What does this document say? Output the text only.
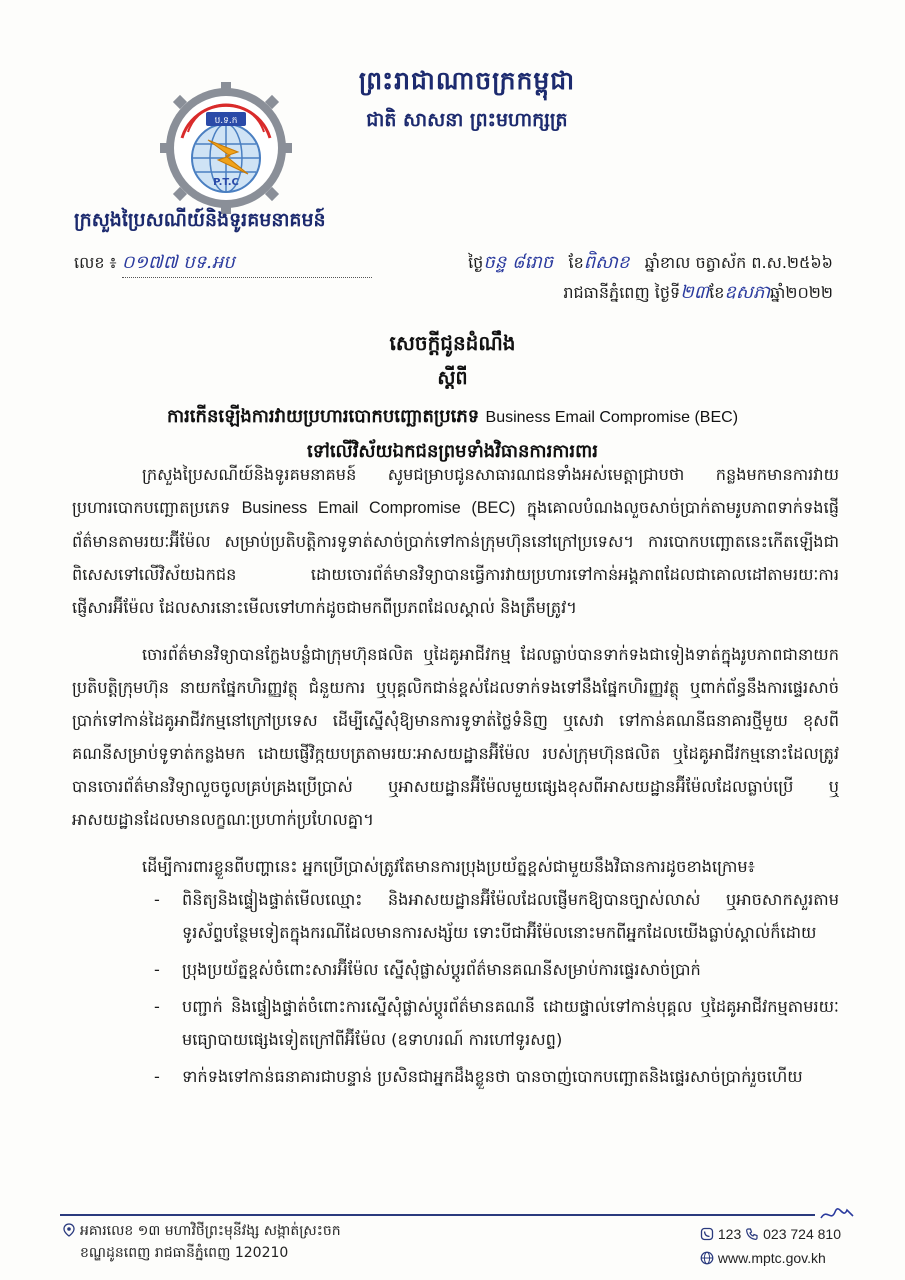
ប.ទ.ក
P.T.C
ព្រះរាជាណាចក្រកម្ពុជា
ជាតិ សាសនា ព្រះមហាក្សត្រ
ក្រសួងប្រៃសណីយ៍និងទូរគមនាគមន៍
លេខ ៖ ០១៧៧ បទ.អប	ថ្ងៃចន្ទ ៨រោច ខែពិសាខ ឆ្នាំខាល ចត្វាស័ក ព.ស.២៥៦៦
រាជធានីភ្នំពេញ ថ្ងៃទី២៣ខែឧសភាឆ្នាំ២០២២
សេចក្តីជូនដំណឹង
ស្តីពី
ការកើនឡើងការវាយប្រហារបោកបញ្ឆោតប្រភេទ Business Email Compromise (BEC)
ទៅលើវិស័យឯកជនព្រមទាំងវិធានការការពារ

ក្រសួងប្រៃសណីយ៍និងទូរគមនាគមន៍ សូមជម្រាបជូនសាធារណជនទាំងអស់មេត្តាជ្រាបថា កន្លងមកមានការវាយប្រហារបោកបញ្ឆោតប្រភេទ Business Email Compromise (BEC) ក្នុងគោលបំណងលួចសាច់ប្រាក់តាមរូបភាពទាក់ទងផ្ញើព័ត៌មានតាមរយៈអ៊ីម៉ែល សម្រាប់ប្រតិបត្តិការទូទាត់សាច់ប្រាក់ទៅកាន់ក្រុមហ៊ុននៅក្រៅប្រទេស។ ការបោកបញ្ឆោតនេះកើតឡើងជាពិសេសទៅលើវិស័យឯកជន ដោយចោរព័ត៌មានវិទ្យាបានធ្វើការវាយប្រហារទៅកាន់អង្គភាពដែលជាគោលដៅតាមរយៈការផ្ញើសារអ៊ីម៉ែល ដែលសារនោះមើលទៅហាក់ដូចជាមកពីប្រភពដែលស្គាល់ និងត្រឹមត្រូវ។

ចោរព័ត៌មានវិទ្យាបានក្លែងបន្លំជាក្រុមហ៊ុនផលិត ឬដៃគូអាជីវកម្ម ដែលធ្លាប់បានទាក់ទងជាទៀងទាត់ក្នុងរូបភាពជានាយកប្រតិបត្តិក្រុមហ៊ុន នាយកផ្នែកហិរញ្ញវត្ថុ ជំនួយការ ឬបុគ្គលិកជាន់ខ្ពស់ដែលទាក់ទងទៅនឹងផ្នែកហិរញ្ញវត្ថុ ឬពាក់ព័ន្ធនឹងការផ្ទេរសាច់ប្រាក់ទៅកាន់ដៃគូអាជីវកម្មនៅក្រៅប្រទេស ដើម្បីស្នើសុំឱ្យមានការទូទាត់ថ្លៃទំនិញ ឬសេវា ទៅកាន់គណនីធនាគារថ្មីមួយ ខុសពីគណនីសម្រាប់ទូទាត់កន្លងមក ដោយផ្ញើវិក្កយបត្រតាមរយៈអាសយដ្ឋានអ៊ីម៉ែល របស់ក្រុមហ៊ុនផលិត ឬដៃគូអាជីវកម្មនោះដែលត្រូវបានចោរព័ត៌មានវិទ្យាលួចចូលគ្រប់គ្រងប្រើប្រាស់ ឬអាសយដ្ឋានអ៊ីម៉ែលមួយផ្សេងខុសពីអាសយដ្ឋានអ៊ីម៉ែលដែលធ្លាប់ប្រើ ឬអាសយដ្ឋានដែលមានលក្ខណៈប្រហាក់ប្រហែលគ្នា។

ដើម្បីការពារខ្លួនពីបញ្ហានេះ អ្នកប្រើប្រាស់ត្រូវតែមានការប្រុងប្រយ័ត្នខ្ពស់ជាមួយនឹងវិធានការដូចខាងក្រោម៖
- ពិនិត្យនិងផ្ទៀងផ្ទាត់មើលឈ្មោះ និងអាសយដ្ឋានអ៊ីម៉ែលដែលផ្ញើមកឱ្យបានច្បាស់លាស់ ឬអាចសាកសួរតាមទូរស័ព្ទបន្ថែមទៀតក្នុងករណីដែលមានការសង្ស័យ ទោះបីជាអ៊ីម៉ែលនោះមកពីអ្នកដែលយើងធ្លាប់ស្គាល់ក៏ដោយ
- ប្រុងប្រយ័ត្នខ្ពស់ចំពោះសារអ៊ីម៉ែល ស្នើសុំផ្លាស់ប្តូរព័ត៌មានគណនីសម្រាប់ការផ្ទេរសាច់ប្រាក់
- បញ្ជាក់ និងផ្ទៀងផ្ទាត់ចំពោះការស្នើសុំផ្លាស់ប្តូរព័ត៌មានគណនី ដោយផ្ទាល់ទៅកាន់បុគ្គល ឬដៃគូអាជីវកម្មតាមរយៈមធ្យោបាយផ្សេងទៀតក្រៅពីអ៊ីម៉ែល (ឧទាហរណ៍ ការហៅទូរសព្ទ)
- ទាក់ទងទៅកាន់ធនាគារជាបន្ទាន់ ប្រសិនជាអ្នកដឹងខ្លួនថា បានចាញ់បោកបញ្ឆោតនិងផ្ទេរសាច់ប្រាក់រួចហើយ
អគារលេខ ១៣ មហាវិថីព្រះមុនីវង្ស សង្កាត់ស្រះចក
ខណ្ឌដូនពេញ រាជធានីភ្នំពេញ 120210
123 023 724 810
www.mptc.gov.kh
